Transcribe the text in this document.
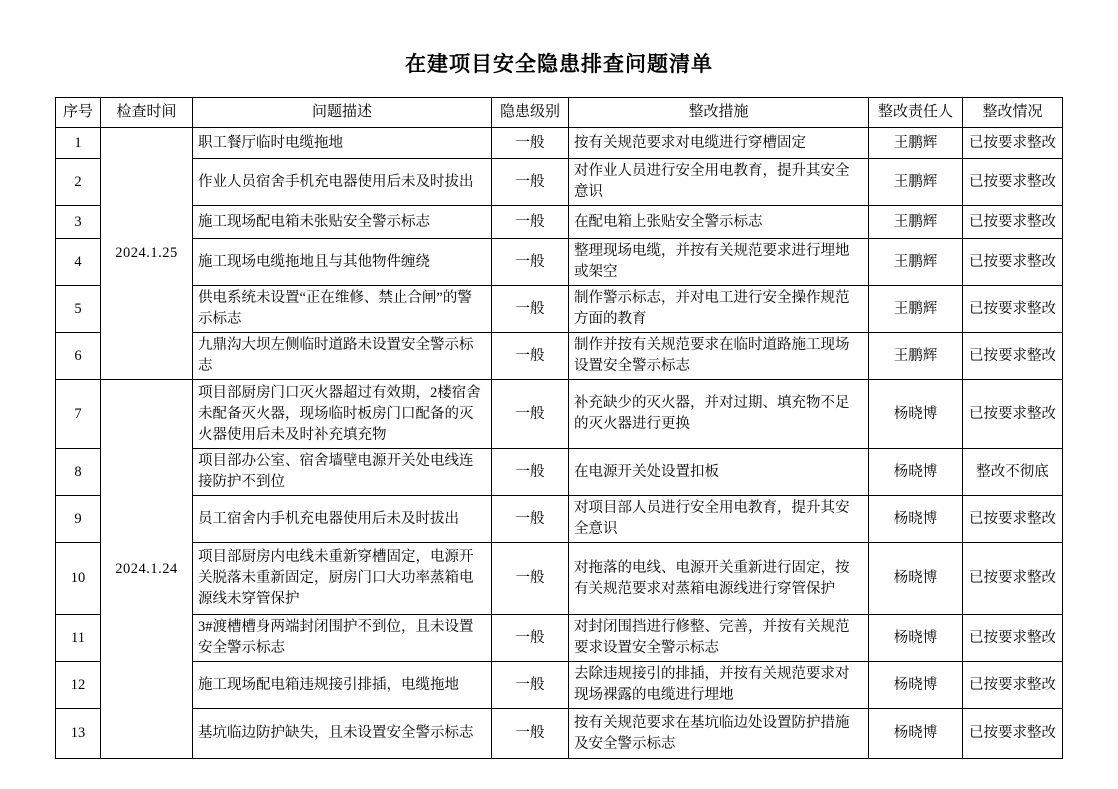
在建项目安全隐患排查问题清单
序号	检查时间	问题描述	隐患级别	整改措施	整改责任人	整改情况
1	2024.1.25	职工餐厅临时电缆拖地	一般	按有关规范要求对电缆进行穿槽固定	王鹏辉	已按要求整改
2		作业人员宿舍手机充电器使用后未及时拔出	一般	对作业人员进行安全用电教育，提升其安全意识	王鹏辉	已按要求整改
3		施工现场配电箱未张贴安全警示标志	一般	在配电箱上张贴安全警示标志	王鹏辉	已按要求整改
4		施工现场电缆拖地且与其他物件缠绕	一般	整理现场电缆，并按有关规范要求进行埋地或架空	王鹏辉	已按要求整改
5		供电系统未设置“正在维修、禁止合闸”的警示标志	一般	制作警示标志，并对电工进行安全操作规范方面的教育	王鹏辉	已按要求整改
6		九鼎沟大坝左侧临时道路未设置安全警示标志	一般	制作并按有关规范要求在临时道路施工现场设置安全警示标志	王鹏辉	已按要求整改
7	2024.1.24	项目部厨房门口灭火器超过有效期，2楼宿舍未配备灭火器，现场临时板房门口配备的灭火器使用后未及时补充填充物	一般	补充缺少的灭火器，并对过期、填充物不足的灭火器进行更换	杨晓博	已按要求整改
8		项目部办公室、宿舍墙壁电源开关处电线连接防护不到位	一般	在电源开关处设置扣板	杨晓博	整改不彻底
9		员工宿舍内手机充电器使用后未及时拔出	一般	对项目部人员进行安全用电教育，提升其安全意识	杨晓博	已按要求整改
10		项目部厨房内电线未重新穿槽固定，电源开关脱落未重新固定，厨房门口大功率蒸箱电源线未穿管保护	一般	对拖落的电线、电源开关重新进行固定，按有关规范要求对蒸箱电源线进行穿管保护	杨晓博	已按要求整改
11		3#渡槽槽身两端封闭围护不到位，且未设置安全警示标志	一般	对封闭围挡进行修整、完善，并按有关规范要求设置安全警示标志	杨晓博	已按要求整改
12		施工现场配电箱违规接引排插，电缆拖地	一般	去除违规接引的排插，并按有关规范要求对现场裸露的电缆进行埋地	杨晓博	已按要求整改
13		基坑临边防护缺失，且未设置安全警示标志	一般	按有关规范要求在基坑临边处设置防护措施及安全警示标志	杨晓博	已按要求整改
